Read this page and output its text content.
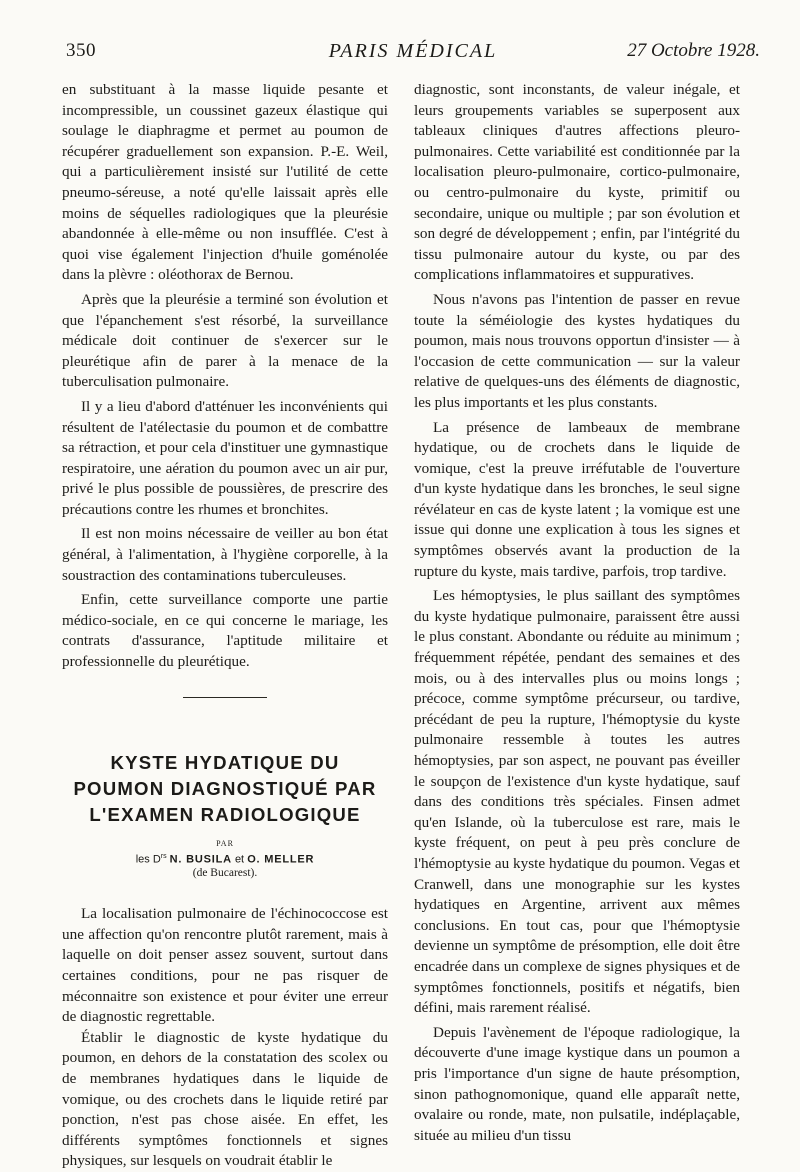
350	PARIS MÉDICAL	27 Octobre 1928.

en substituant à la masse liquide pesante et incompressible, un coussinet gazeux élastique qui soulage le diaphragme et permet au poumon de récupérer graduellement son expansion. P.-E. Weil, qui a particulièrement insisté sur l'utilité de cette pneumo-séreuse, a noté qu'elle laissait après elle moins de séquelles radiologiques que la pleurésie abandonnée à elle-même ou non insufflée. C'est à quoi vise également l'injection d'huile goménolée dans la plèvre : oléothorax de Bernou.

Après que la pleurésie a terminé son évolution et que l'épanchement s'est résorbé, la surveillance médicale doit continuer de s'exercer sur le pleurétique afin de parer à la menace de la tuberculisation pulmonaire.

Il y a lieu d'abord d'atténuer les inconvénients qui résultent de l'atélectasie du poumon et de combattre sa rétraction, et pour cela d'instituer une gymnastique respiratoire, une aération du poumon avec un air pur, privé le plus possible de poussières, de prescrire des précautions contre les rhumes et bronchites.

Il est non moins nécessaire de veiller au bon état général, à l'alimentation, à l'hygiène corporelle, à la soustraction des contaminations tuberculeuses.

Enfin, cette surveillance comporte une partie médico-sociale, en ce qui concerne le mariage, les contrats d'assurance, l'aptitude militaire et professionnelle du pleurétique.

KYSTE HYDATIQUE DU
POUMON DIAGNOSTIQUÉ PAR
L'EXAMEN RADIOLOGIQUE
PAR
les $D^{rs}$ N. BUSILA et O. MELLER
(de Bucarest).

La localisation pulmonaire de l'échinococcose est une affection qu'on rencontre plutôt rarement, mais à laquelle on doit penser assez souvent, surtout dans certaines conditions, pour ne pas risquer de méconnaitre son existence et pour éviter une erreur de diagnostic regrettable.

Établir le diagnostic de kyste hydatique du poumon, en dehors de la constatation des scolex ou de membranes hydatiques dans le liquide de vomique, ou des crochets dans le liquide retiré par ponction, n'est pas chose aisée. En effet, les différents symptômes fonctionnels et signes physiques, sur lesquels on voudrait établir le

diagnostic, sont inconstants, de valeur inégale, et leurs groupements variables se superposent aux tableaux cliniques d'autres affections pleuro-pulmonaires. Cette variabilité est conditionnée par la localisation pleuro-pulmonaire, cortico-pulmonaire, ou centro-pulmonaire du kyste, primitif ou secondaire, unique ou multiple ; par son évolution et son degré de développement ; enfin, par l'intégrité du tissu pulmonaire autour du kyste, ou par des complications inflammatoires et suppuratives.

Nous n'avons pas l'intention de passer en revue toute la séméiologie des kystes hydatiques du poumon, mais nous trouvons opportun d'insister — à l'occasion de cette communication — sur la valeur relative de quelques-uns des éléments de diagnostic, les plus importants et les plus constants.

La présence de lambeaux de membrane hydatique, ou de crochets dans le liquide de vomique, c'est la preuve irréfutable de l'ouverture d'un kyste hydatique dans les bronches, le seul signe révélateur en cas de kyste latent ; la vomique est une issue qui donne une explication à tous les signes et symptômes observés avant la production de la rupture du kyste, mais tardive, parfois, trop tardive.

Les hémoptysies, le plus saillant des symptômes du kyste hydatique pulmonaire, paraissent être aussi le plus constant. Abondante ou réduite au minimum ; fréquemment répétée, pendant des semaines et des mois, ou à des intervalles plus ou moins longs ; précoce, comme symptôme précurseur, ou tardive, précédant de peu la rupture, l'hémoptysie du kyste pulmonaire ressemble à toutes les autres hémoptysies, par son aspect, ne pouvant pas éveiller le soupçon de l'existence d'un kyste hydatique, sauf dans des conditions très spéciales. Finsen admet qu'en Islande, où la tuberculose est rare, mais le kyste fréquent, on peut à peu près conclure de l'hémoptysie au kyste hydatique du poumon. Vegas et Cranwell, dans une monographie sur les kystes hydatiques en Argentine, arrivent aux mêmes conclusions. En tout cas, pour que l'hémoptysie devienne un symptôme de présomption, elle doit être encadrée dans un complexe de signes physiques et de symptômes fonctionnels, positifs et négatifs, bien défini, mais rarement réalisé.

Depuis l'avènement de l'époque radiologique, la découverte d'une image kystique dans un poumon a pris l'importance d'un signe de haute présomption, sinon pathognomonique, quand elle apparaît nette, ovalaire ou ronde, mate, non pulsatile, indéplaçable, située au milieu d'un tissu
